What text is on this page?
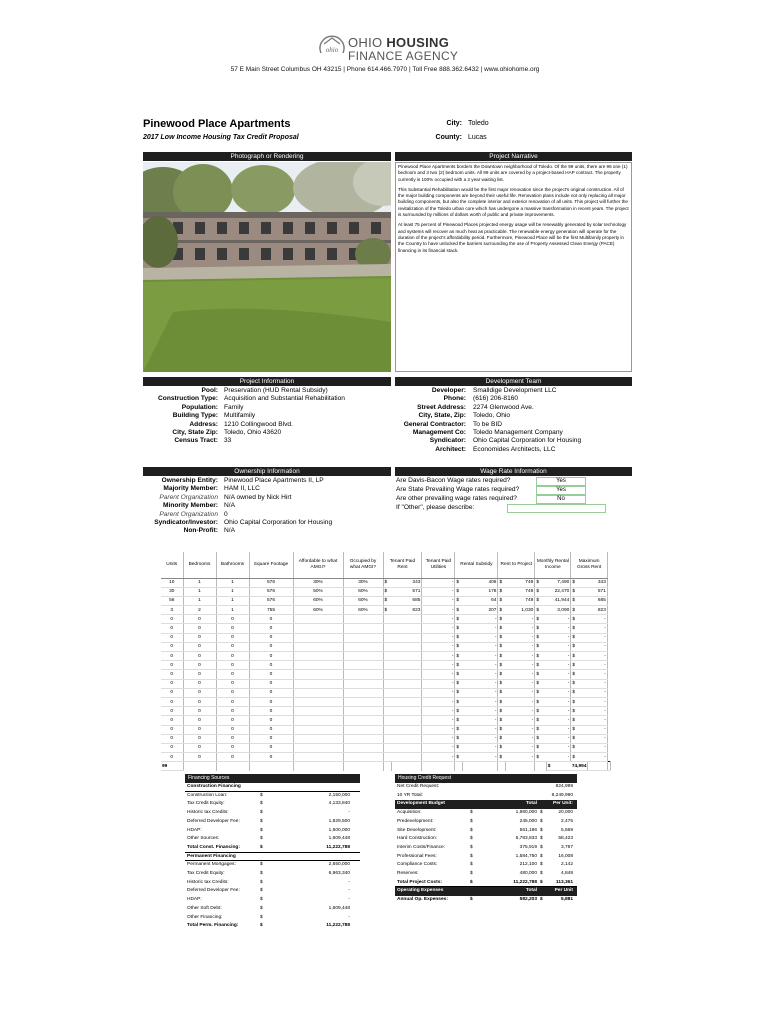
ohio OHIO HOUSING
FINANCE AGENCY
57 E Main Street Columbus OH 43215 | Phone 614.466.7970 | Toll Free 888.362.6432 | www.ohiohome.org
Pinewood Place Apartments
2017 Low Income Housing Tax Credit Proposal
City: Toledo
County: Lucas
Photograph or Rendering	Project Narrative

Pinewood Place Apartments borders the Downtown neighborhood of Toledo. Of the 99 units, there are 96 one (1) bedroom and 3 two (2) bedroom units. All 99 units are covered by a project-based HAP contract. The property currently is 100% occupied with a 2 year waiting list.

This Substantial Rehabilitation would be the first major renovation since the project's original construction. All of the major building components are beyond their useful life. Renovation plans include not only replacing all major building components, but also the complete interior and exterior renovation of all units. This project will further the revitalization of the Toledo urban core which has undergone a massive transformation in recent years. The project is surrounded by millions of dollars worth of public and private improvements.

At least 75 percent of Pinewood Places projected energy usage will be renewably generated by solar technology and systems will recover as much heat as practicable. The renewable energy generation will operate for the duration of the project's affordability period. Furthermore, Pinewood Place will be the first Multifamily property in the Country to have unlocked the barriers surrounding the use of Property Assessed Clean Energy (PACE) financing in its financial stack.

Project Information	Development Team
Pool: Preservation (HUD Rental Subsidy)
Construction Type: Acquisition and Substantial Rehabilitation
Population: Family
Building Type: Multifamily
Address: 1210 Collingwood Blvd.
City, State Zip: Toledo, Ohio 43620
Census Tract: 33
Developer: Smalldige Development LLC
Phone: (616) 206-8160
Street Address: 2274 Glenwood Ave.
City, State, Zip: Toledo, Ohio
General Contractor: To be BID
Management Co: Toledo Management Company
Syndicator: Ohio Capital Corporation for Housing
Architect: Economides Architects, LLC
Ownership Information	Wage Rate Information
Ownership Entity: Pinewood Place Apartments II, LP
Majority Member: HAM II, LLC
Parent Organization N/A owned by Nick Hirt
Minority Member: N/A
Parent Organization 0
Syndicator/Investor: Ohio Capital Corporation for Housing
Non-Profit: N/A
Are Davis-Bacon Wage rates required?	Yes
Are State Prevailing Wage rates required?	Yes
Are other prevailing wage rates required?	No
If "Other", please describe:
Units	Bedrooms	Bathrooms	Square Footage	Affordable to what AMGI?	Occupied by what AMGI?	Tenant Paid Rent		Tenant Paid Utilities	Rental Subsidy		Rent to Project		Monthly Rental Income		Maximum Gross Rent		
10	1	1	576	30%	30%	$	343	-	$	406	$	749	$	7,490	$	343	
30	1	1	576	50%	60%	$	571	-	$	178	$	749	$	22,470	$	571	
56	1	1	576	60%	60%	$	685	-	$	64	$	749	$	41,944	$	685	
3	2	1	755	60%	60%	$	823	-	$	207	$	1,030	$	3,090	$	823	
0	0	0	0					-	$	-	$	-	$	-	$	-	
0	0	0	0					-	$	-	$	-	$	-	$	-	
0	0	0	0					-	$	-	$	-	$	-	$	-	
0	0	0	0					-	$	-	$	-	$	-	$	-	
0	0	0	0					-	$	-	$	-	$	-	$	-	
0	0	0	0					-	$	-	$	-	$	-	$	-	
0	0	0	0					-	$	-	$	-	$	-	$	-	
0	0	0	0					-	$	-	$	-	$	-	$	-	
0	0	0	0					-	$	-	$	-	$	-	$	-	
0	0	0	0					-	$	-	$	-	$	-	$	-	
0	0	0	0					-	$	-	$	-	$	-	$	-	
0	0	0	0					-	$	-	$	-	$	-	$	-	
0	0	0	0					-	$	-	$	-	$	-	$	-	
0	0	0	0					-	$	-	$	-	$	-	$	-	
0	0	0	0					-	$	-	$	-	$	-	$	-	
0	0	0	0					-	$	-	$	-	$	-	$	-	
99														$	74,994		
Financing Sources
Construction Financing
Construction Loan:	$	2,150,000
Tax Credit Equity:	$	4,133,840
Historic tax Credits:	$	-
Deferred Developer Fee:	$	1,829,500
HDAP:	$	1,500,000
Other Sources:	$	1,609,448
Total Const. Financing:	$	11,222,788
Permanent Financing
Permanent Mortgages:	$	2,650,000
Tax Credit Equity:	$	6,963,340
Historic tax Credits:	$	-
Deferred Developer Fee:	$	-
HDAP:	$	-
Other Soft Debt:	$	1,609,448
Other Financing:	$	-
Total Perm. Financing:	$	11,222,788
Housing Credit Request
Net Credit Request:	824,999
10 YR Total:	8,249,990
Development Budget	Total	Per Unit:
Acquisition:	$	1,980,000 $	20,000
Predevelopment:	$	245,000 $	2,475
Site Development:	$	561,186 $	5,669
Hard Construction:	$	5,783,833 $	58,423
Interim Costs/Finance:	$	375,919 $	3,797
Professional Fees:	$	1,584,750 $	16,008
Compliance Costs:	$	212,100 $	2,142
Reserves:	$	480,000 $	4,848
Total Project Costs:	$	11,222,788 $	113,361
Operating Expenses	Total	Per Unit
Annual Op. Expenses:	$	582,203 $	5,881
